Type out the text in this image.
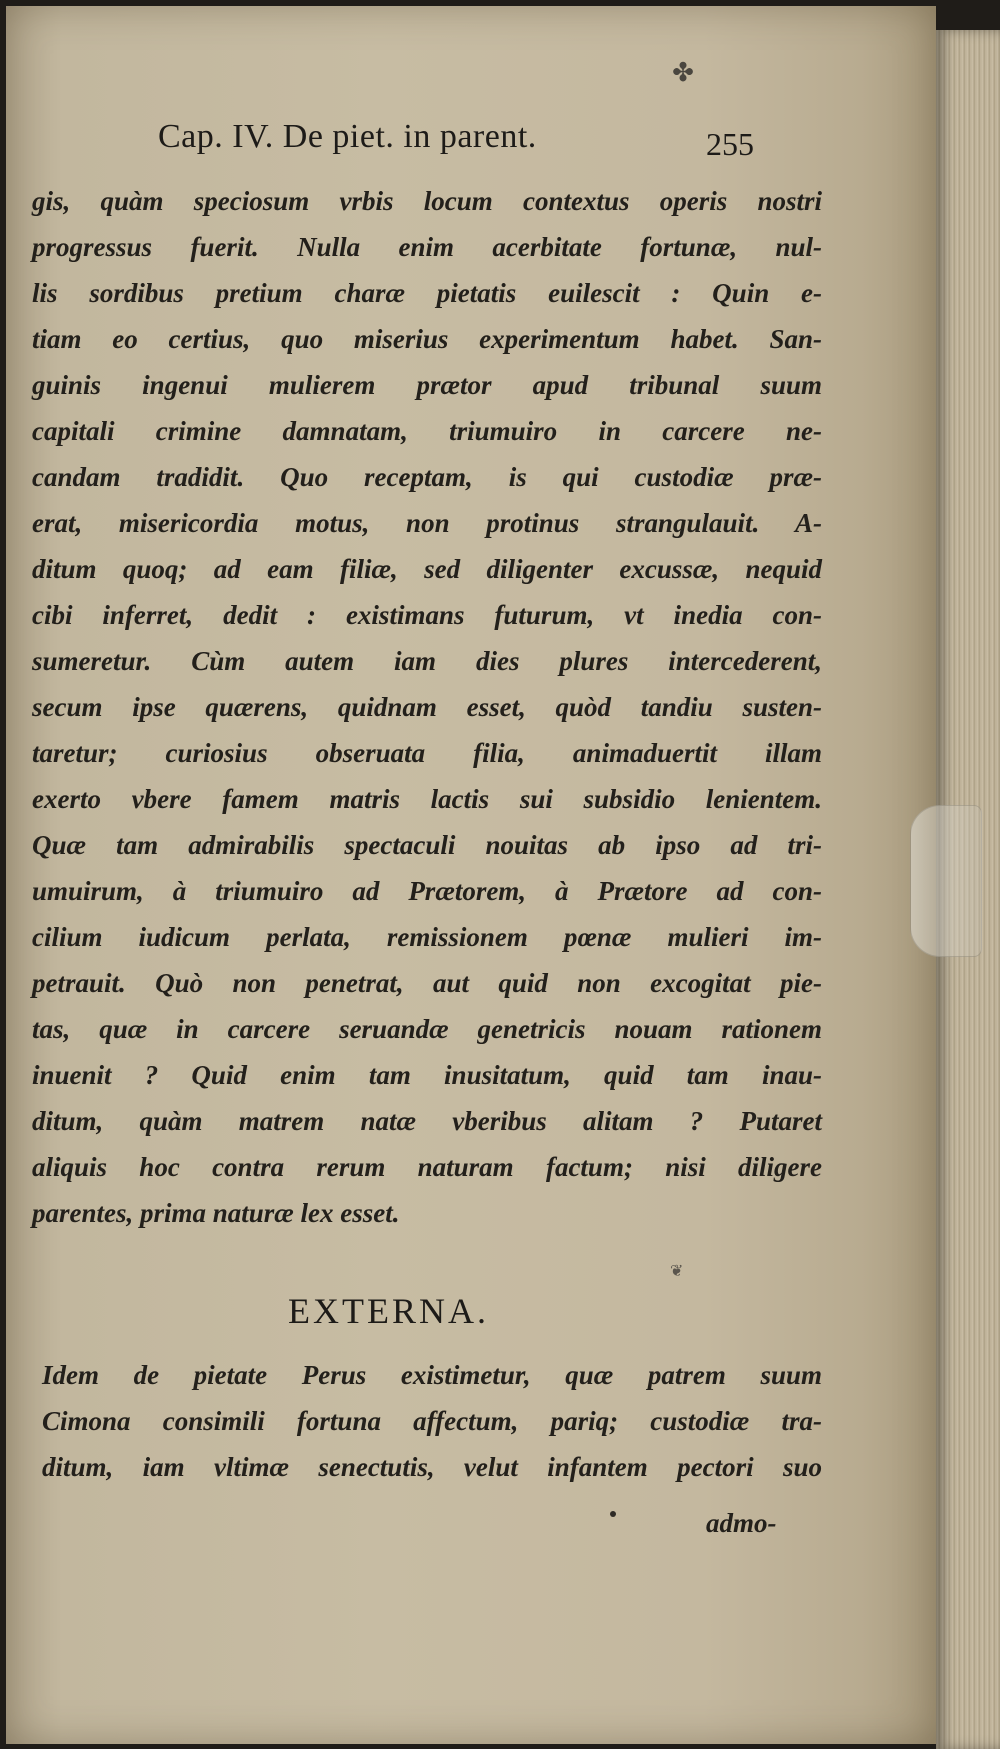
✤
Cap. IV. De piet. in parent.	255
gis, quàm speciosum vrbis locum contextus operis nostri
progressus fuerit. Nulla enim acerbitate fortunæ, nul-
lis sordibus pretium charæ pietatis euilescit : Quin e-
tiam eo certius, quo miserius experimentum habet. San-
guinis ingenui mulierem prætor apud tribunal suum
capitali crimine damnatam, triumuiro in carcere ne-
candam tradidit. Quo receptam, is qui custodiæ præ-
erat, misericordia motus, non protinus strangulauit. A-
ditum quoq; ad eam filiæ, sed diligenter excussæ, nequid
cibi inferret, dedit : existimans futurum, vt inedia con-
sumeretur. Cùm autem iam dies plures intercederent,
secum ipse quærens, quidnam esset, quòd tandiu susten-
taretur; curiosius obseruata filia, animaduertit illam
exerto vbere famem matris lactis sui subsidio lenientem.
Quæ tam admirabilis spectaculi nouitas ab ipso ad tri-
umuirum, à triumuiro ad Prætorem, à Prætore ad con-
cilium iudicum perlata, remissionem pœnæ mulieri im-
petrauit. Quò non penetrat, aut quid non excogitat pie-
tas, quæ in carcere seruandæ genetricis nouam rationem
inuenit ? Quid enim tam inusitatum, quid tam inau-
ditum, quàm matrem natæ vberibus alitam ? Putaret
aliquis hoc contra rerum naturam factum; nisi diligere
parentes, prima naturæ lex esset.
❦
EXTERNA.
Idem de pietate Perus existimetur, quæ patrem suum
Cimona consimili fortuna affectum, pariq; custodiæ tra-
ditum, iam vltimæ senectutis, velut infantem pectori suo
admo-
